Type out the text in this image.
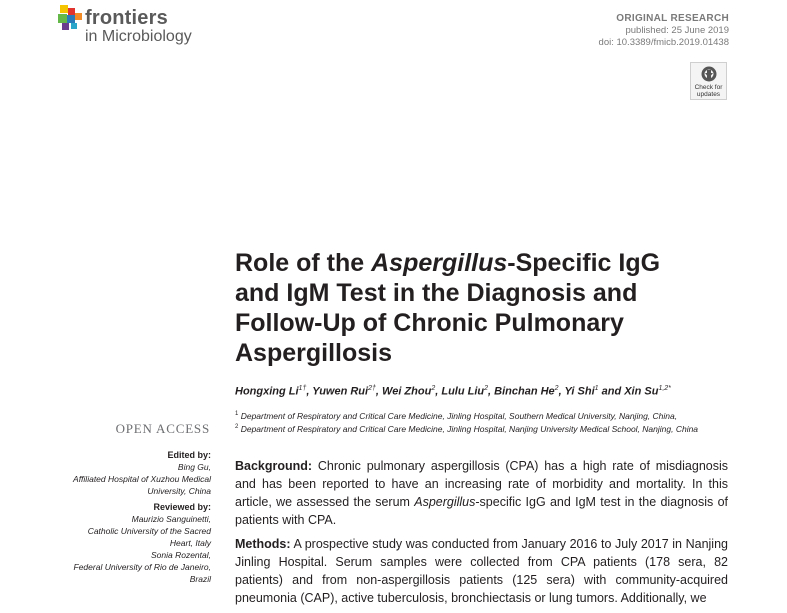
frontiers
in Microbiology
ORIGINAL RESEARCH
published: 25 June 2019
doi: 10.3389/fmicb.2019.01438
Check for
updates
Role of the Aspergillus-Specific IgG
and IgM Test in the Diagnosis and
Follow-Up of Chronic Pulmonary
Aspergillosis
Hongxing $Li^{1\dagger}$, Yuwen Rui$^{2\dagger}$, Wei Zhou$^2$, Lulu Liu$^2$, Binchan He$^2$, Yi Shi$^1$ and Xin $Su^{1,2*}$
$^1$ Department of Respiratory and Critical Care Medicine, Jinling Hospital, Southern Medical University, Nanjing, China,
$^2$ Department of Respiratory and Critical Care Medicine, Jinling Hospital, Nanjing University Medical School, Nanjing, China
OPEN ACCESS
Edited by:
Bing Gu,
Affiliated Hospital of Xuzhou Medical
University, China
Reviewed by:
Maurizio Sanguinetti,
Catholic University of the Sacred
Heart, Italy
Sonia Rozental,
Federal University of Rio de Janeiro,
Brazil

Background: Chronic pulmonary aspergillosis (CPA) has a high rate of misdiagnosis and has been reported to have an increasing rate of morbidity and mortality. In this article, we assessed the serum Aspergillus-specific IgG and IgM test in the diagnosis of patients with CPA.

Methods: A prospective study was conducted from January 2016 to July 2017 in Nanjing Jinling Hospital. Serum samples were collected from CPA patients (178 sera, 82 patients) and from non-aspergillosis patients (125 sera) with community-acquired pneumonia (CAP), active tuberculosis, bronchiectasis or lung tumors. Additionally, we
